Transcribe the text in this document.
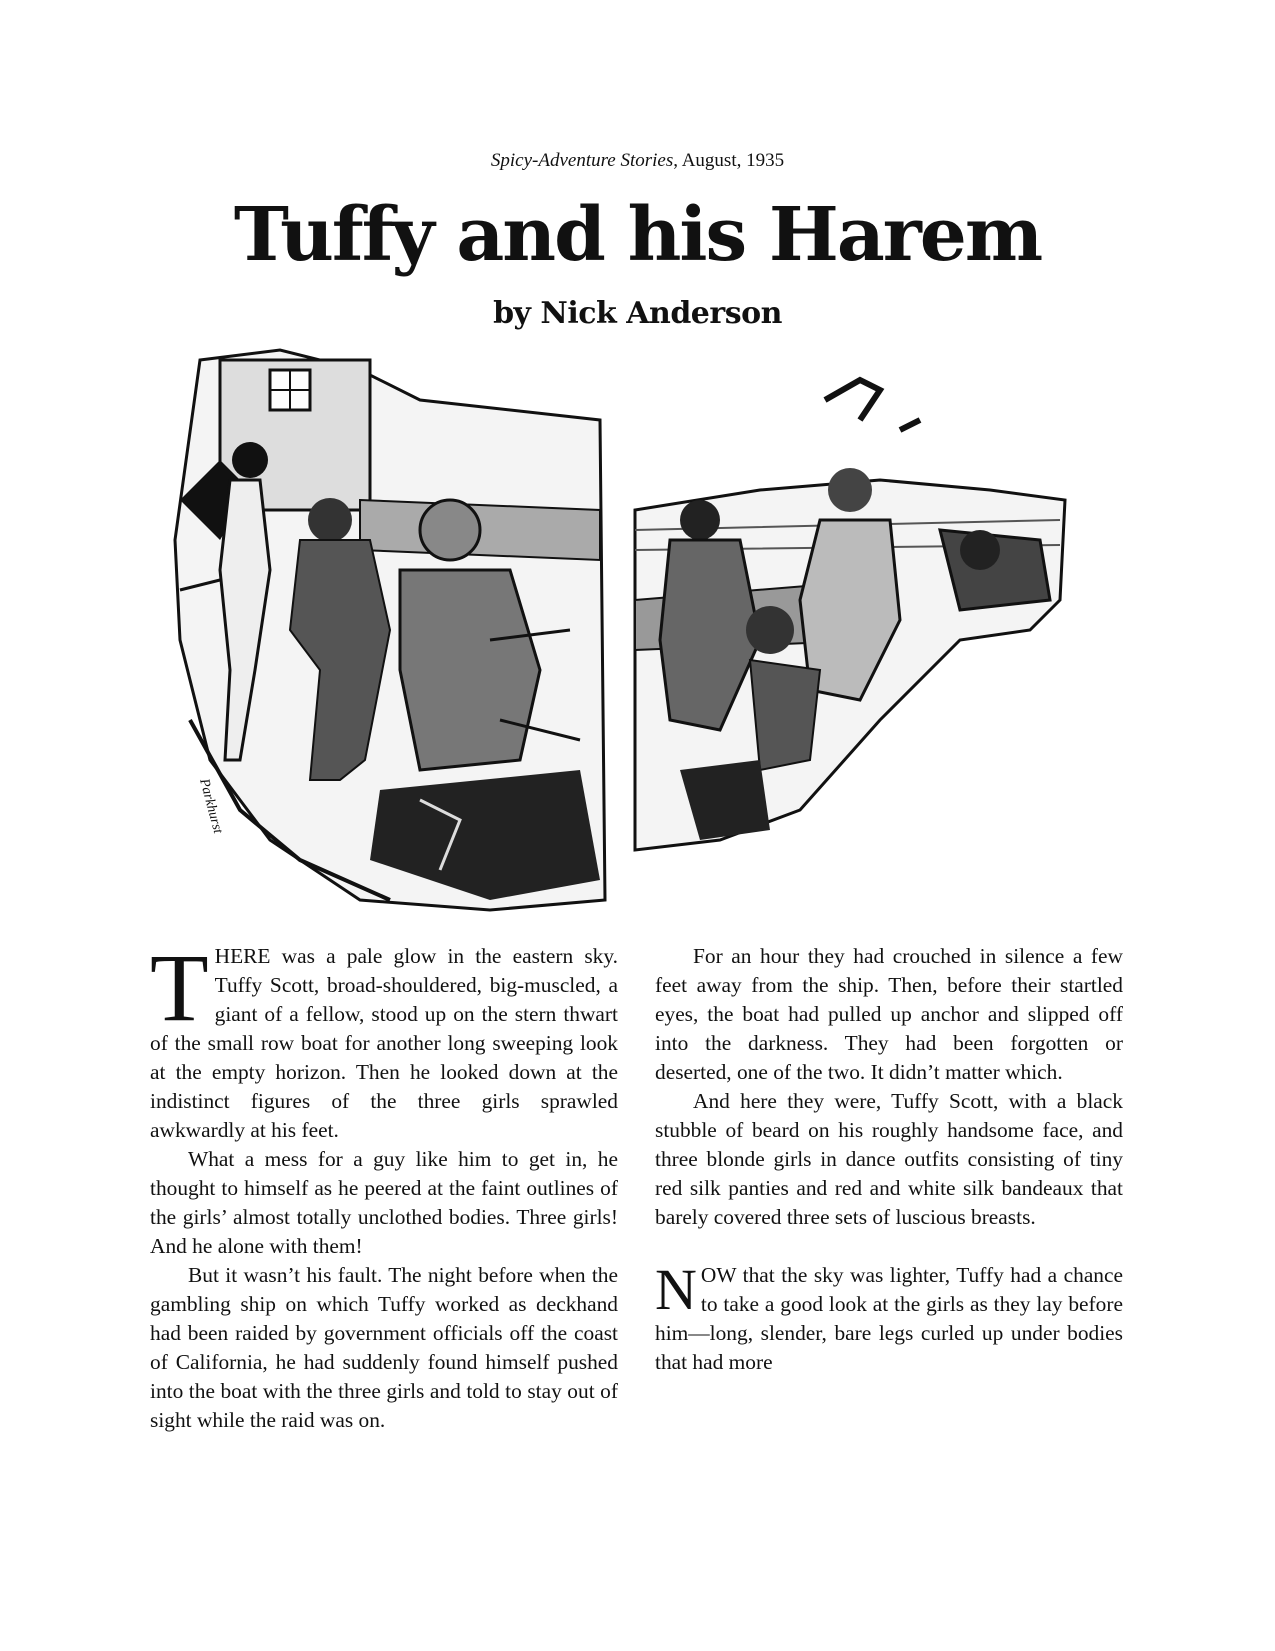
Spicy-Adventure Stories, August, 1935
Tuffy and his Harem
by Nick Anderson
Parkhurst

THERE was a pale glow in the eastern sky. Tuffy Scott, broad-shouldered, big-muscled, a giant of a fellow, stood up on the stern thwart of the small row boat for another long sweeping look at the empty horizon. Then he looked down at the indistinct figures of the three girls sprawled awkwardly at his feet.

What a mess for a guy like him to get in, he thought to himself as he peered at the faint outlines of the girls’ almost totally unclothed bodies. Three girls! And he alone with them!

But it wasn’t his fault. The night before when the gambling ship on which Tuffy worked as deckhand had been raided by government officials off the coast of California, he had suddenly found himself pushed into the boat with the three girls and told to stay out of sight while the raid was on.

For an hour they had crouched in silence a few feet away from the ship. Then, before their startled eyes, the boat had pulled up anchor and slipped off into the darkness. They had been forgotten or deserted, one of the two. It didn’t matter which.

And here they were, Tuffy Scott, with a black stubble of beard on his roughly handsome face, and three blonde girls in dance outfits consisting of tiny red silk panties and red and white silk bandeaux that barely covered three sets of luscious breasts.

NOW that the sky was lighter, Tuffy had a chance to take a good look at the girls as they lay before him—long, slender, bare legs curled up under bodies that had more
